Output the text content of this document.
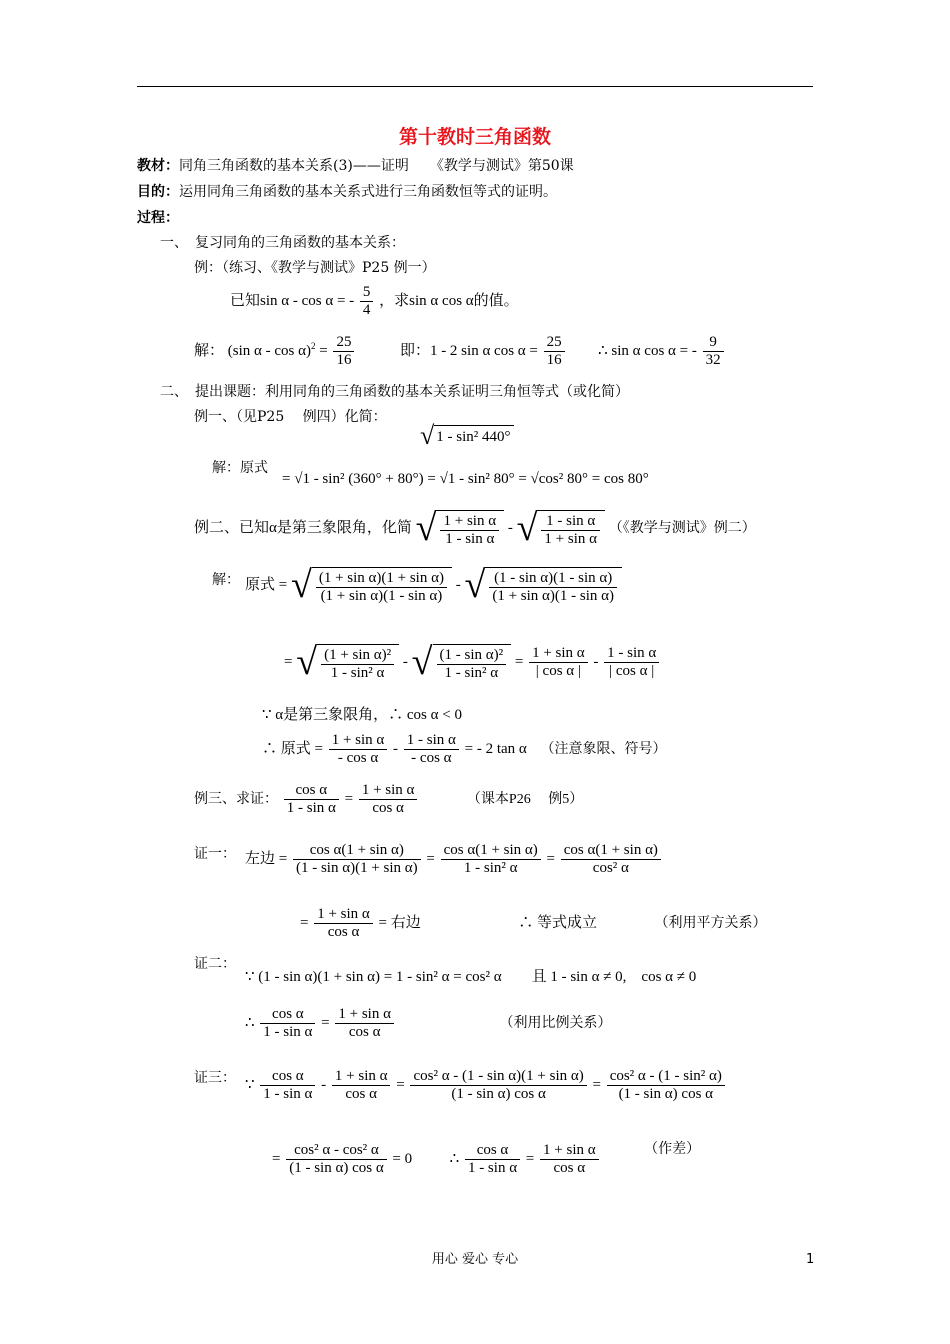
第十教时三角函数
教材：同角三角函数的基本关系(3)——证明　　《教学与测试》第50课
目的：运用同角三角函数的基本关系式进行三角函数恒等式的证明。
过程：
一、　复习同角的三角函数的基本关系：
例：（练习、《教学与测试》P25 例一）
已知sin α - cos α = - $\frac{5}{4}$ ，求sin α cos α的值。
解： (sin $\alpha - \cos \alpha)^2 = \frac{25}{16}$	即：1 - 2 sin α $\cos \alpha = \frac{25}{16}$ ∴ sin α cos α = - $\frac{9}{32}$
二、　提出课题：利用同角的三角函数的基本关系证明三角恒等式（或化简）
例一、（见P25　 例四）化简：
√ 1 - sin² 440°
解：原式
= √1 - sin² (360° + 80°) = √1 - sin² 80° = √cos² 80° = cos 80°
例二、已知α是第三象限角，化简 √ $\frac{\text{1 + sin α}}{\text{1 - sin α}}$ - √ $\frac{\text{1 - sin α}}{\text{1 + sin α}}$ （《教学与测试》例二）
解： 原式 = √ $\frac{\text{(1 + sin α)(1 + sin α)}}{\text{(1 + sin α)(1 - sin α)}}$ - √ $\frac{\text{(1 - sin α)(1 - sin α)}}{\text{(1 + sin α)(1 - sin α)}}$
= √ $\frac{\text{(1 + sin α)²}}{\text{1 - sin² α}}$ - √ $\frac{\text{(1 - sin α)²}}{\text{1 - sin² α}} = \frac{\text{1 + sin α}}{\text{| cos α |}} - \frac{\text{1 - sin α}}{\text{| cos α |}}$
∵ α是第三象限角，∴ cos α < 0
∴ 原式 = $\frac{\text{1 + sin α}}{\text{- cos α}} - \frac{\text{1 - sin α}}{\text{- cos α}}$ = - 2 tan α （注意象限、符号）
例三、求证： $\frac{\text{cos α}}{\text{1 - sin α}} = \frac{\text{1 + sin α}}{\text{cos α}}$	（课本P26　 例5）
证一： 左边 = $\frac{\text{cos α(1 + sin α)}}{\text{(1 - sin α)(1 + sin α)}} = \frac{\text{cos α(1 + sin α)}}{\text{1 - sin² α}} = \frac{\text{cos α(1 + sin α)}}{\text{cos² α}}$
= $\frac{\text{1 + sin α}}{\text{cos α}}$ = 右边	∴ 等式成立	（利用平方关系）
证二：
∵ (1 - sin α)(1 + sin α) = 1 - sin² α = cos² α　　且 1 - sin α ≠ 0,　cos α ≠ 0
∴ $\frac{\text{cos α}}{\text{1 - sin α}} = \frac{\text{1 + sin α}}{\text{cos α}}$	（利用比例关系）
证三： ∵ $\frac{\text{cos α}}{\text{1 - sin α}} - \frac{\text{1 + sin α}}{\text{cos α}} = \frac{\text{cos² α - (1 - sin α)(1 + sin α)}}{\text{(1 - sin α) cos α}} = \frac{\text{cos² α - (1 - sin² α)}}{\text{(1 - sin α) cos α}}$
= $\frac{\text{cos² α - cos² α}}{\text{(1 - sin α) cos α}} = 0$	∴ $\frac{\text{cos α}}{\text{1 - sin α}} = \frac{\text{1 + sin α}}{\text{cos α}}$	（作差）
用心 爱心 专心	1
